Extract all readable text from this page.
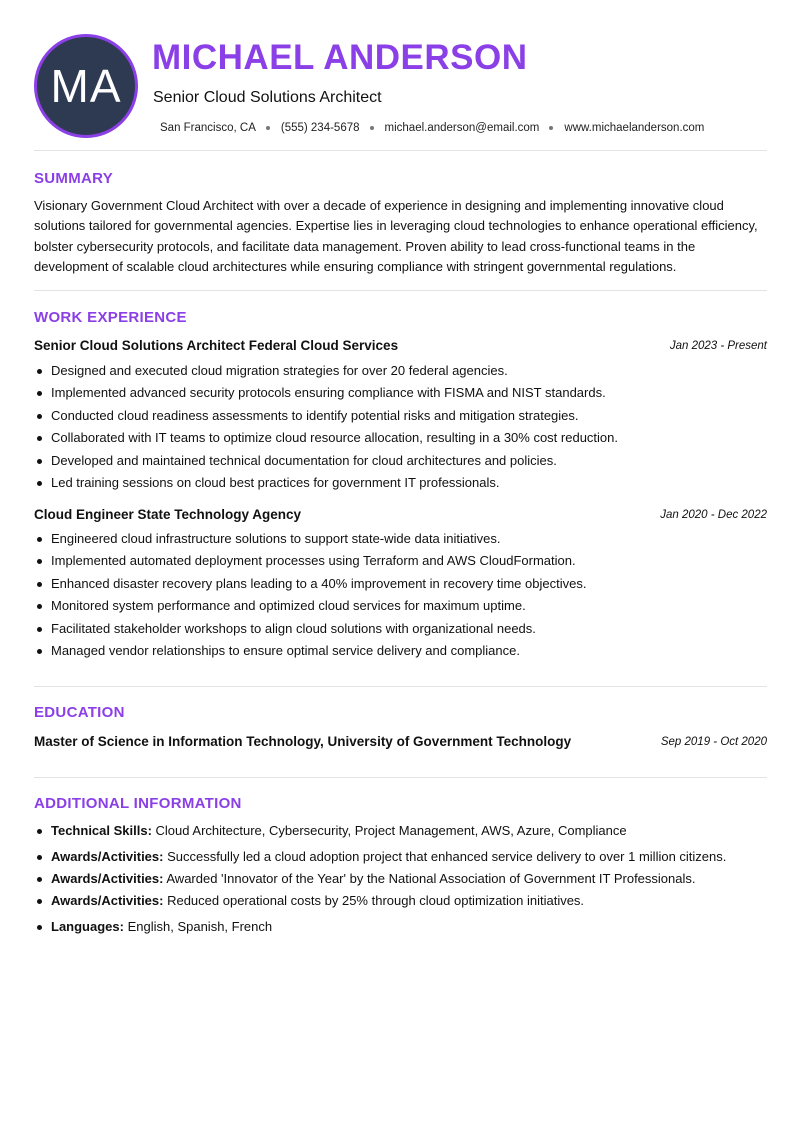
MA
MICHAEL ANDERSON
Senior Cloud Solutions Architect
San Francisco, CA (555) 234-5678 michael.anderson@email.com www.michaelanderson.com
SUMMARY
Visionary Government Cloud Architect with over a decade of experience in designing and implementing innovative cloud solutions tailored for governmental agencies. Expertise lies in leveraging cloud technologies to enhance operational efficiency, bolster cybersecurity protocols, and facilitate data management. Proven ability to lead cross-functional teams in the development of scalable cloud architectures while ensuring compliance with stringent governmental regulations.
WORK EXPERIENCE
Senior Cloud Solutions Architect Federal Cloud Services	Jan 2023 - Present
Designed and executed cloud migration strategies for over 20 federal agencies.
Implemented advanced security protocols ensuring compliance with FISMA and NIST standards.
Conducted cloud readiness assessments to identify potential risks and mitigation strategies.
Collaborated with IT teams to optimize cloud resource allocation, resulting in a 30% cost reduction.
Developed and maintained technical documentation for cloud architectures and policies.
Led training sessions on cloud best practices for government IT professionals.
Cloud Engineer State Technology Agency	Jan 2020 - Dec 2022
Engineered cloud infrastructure solutions to support state-wide data initiatives.
Implemented automated deployment processes using Terraform and AWS CloudFormation.
Enhanced disaster recovery plans leading to a 40% improvement in recovery time objectives.
Monitored system performance and optimized cloud services for maximum uptime.
Facilitated stakeholder workshops to align cloud solutions with organizational needs.
Managed vendor relationships to ensure optimal service delivery and compliance.
EDUCATION
Master of Science in Information Technology, University of Government Technology	Sep 2019 - Oct 2020
ADDITIONAL INFORMATION
Technical Skills: Cloud Architecture, Cybersecurity, Project Management, AWS, Azure, Compliance
Awards/Activities: Successfully led a cloud adoption project that enhanced service delivery to over 1 million citizens.
Awards/Activities: Awarded 'Innovator of the Year' by the National Association of Government IT Professionals.
Awards/Activities: Reduced operational costs by 25% through cloud optimization initiatives.
Languages: English, Spanish, French
